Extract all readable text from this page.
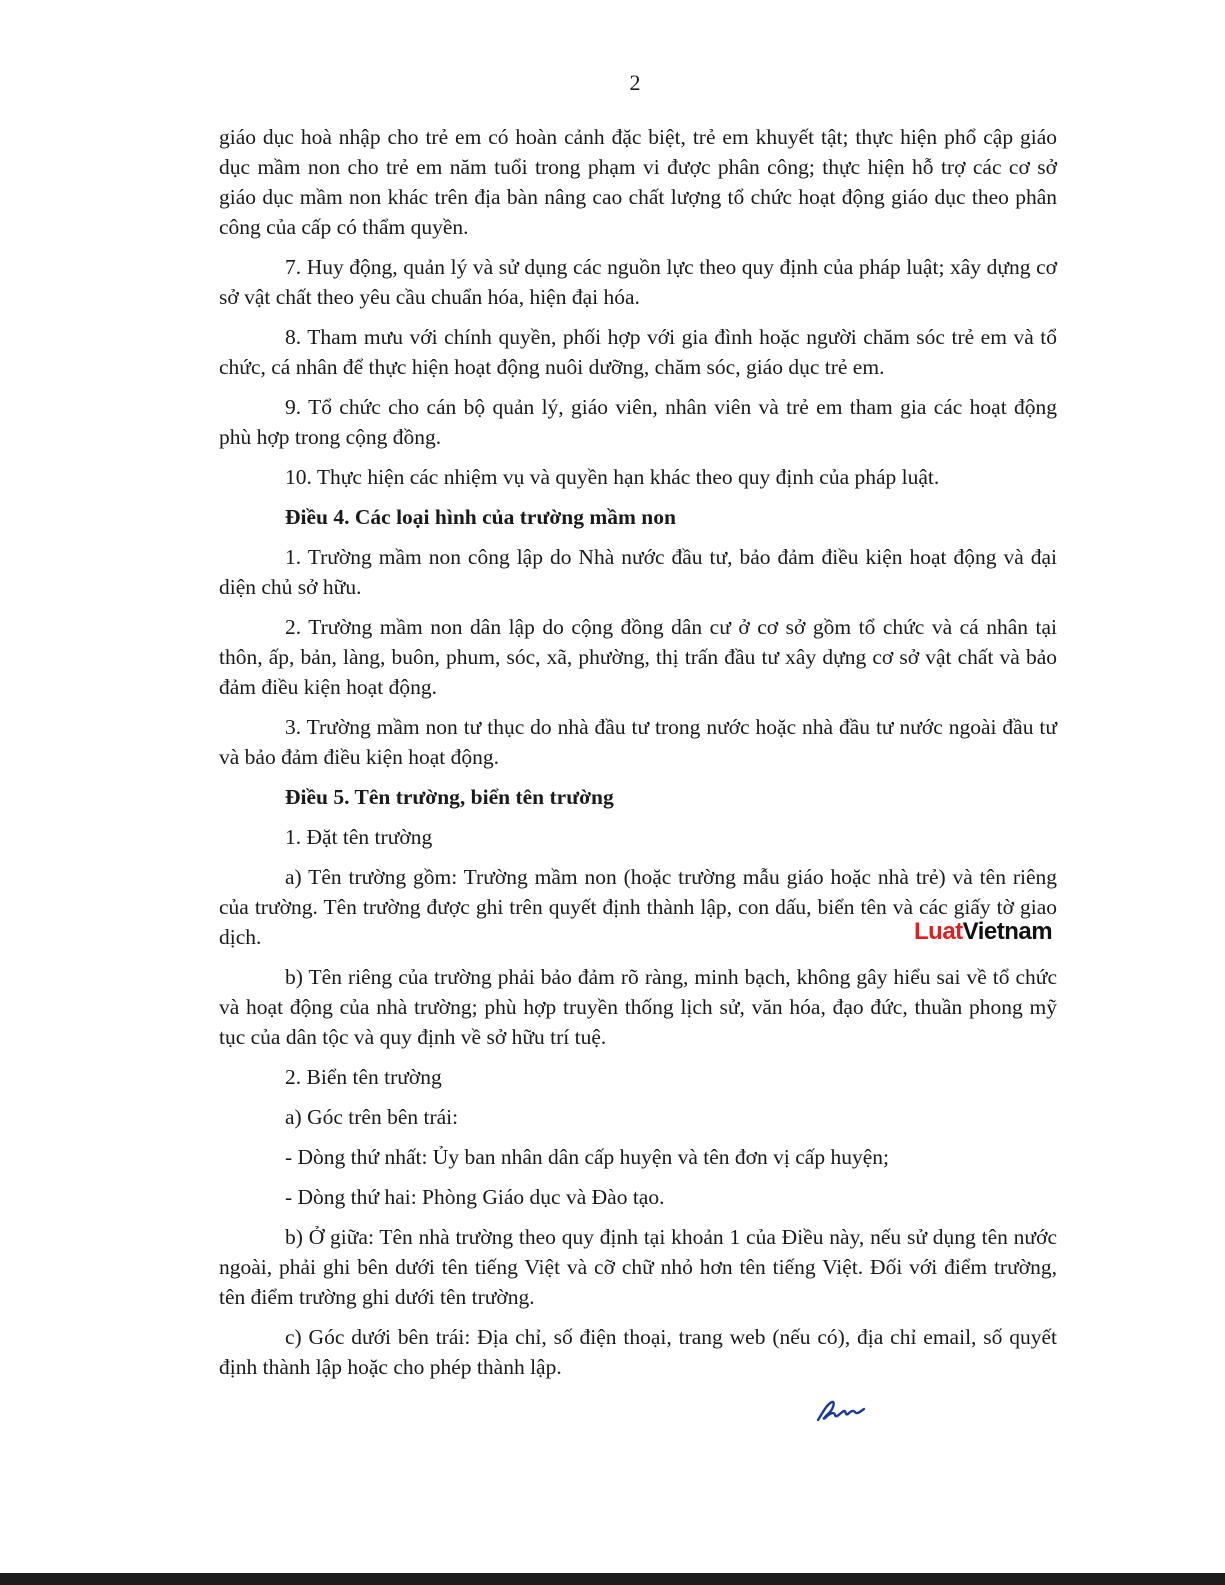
2

giáo dục hoà nhập cho trẻ em có hoàn cảnh đặc biệt, trẻ em khuyết tật; thực hiện phổ cập giáo dục mầm non cho trẻ em năm tuổi trong phạm vi được phân công; thực hiện hỗ trợ các cơ sở giáo dục mầm non khác trên địa bàn nâng cao chất lượng tổ chức hoạt động giáo dục theo phân công của cấp có thẩm quyền.

7. Huy động, quản lý và sử dụng các nguồn lực theo quy định của pháp luật; xây dựng cơ sở vật chất theo yêu cầu chuẩn hóa, hiện đại hóa.

8. Tham mưu với chính quyền, phối hợp với gia đình hoặc người chăm sóc trẻ em và tổ chức, cá nhân để thực hiện hoạt động nuôi dưỡng, chăm sóc, giáo dục trẻ em.

9. Tổ chức cho cán bộ quản lý, giáo viên, nhân viên và trẻ em tham gia các hoạt động phù hợp trong cộng đồng.

10. Thực hiện các nhiệm vụ và quyền hạn khác theo quy định của pháp luật.

Điều 4. Các loại hình của trường mầm non

1. Trường mầm non công lập do Nhà nước đầu tư, bảo đảm điều kiện hoạt động và đại diện chủ sở hữu.

2. Trường mầm non dân lập do cộng đồng dân cư ở cơ sở gồm tổ chức và cá nhân tại thôn, ấp, bản, làng, buôn, phum, sóc, xã, phường, thị trấn đầu tư xây dựng cơ sở vật chất và bảo đảm điều kiện hoạt động.

3. Trường mầm non tư thục do nhà đầu tư trong nước hoặc nhà đầu tư nước ngoài đầu tư và bảo đảm điều kiện hoạt động.

Điều 5. Tên trường, biển tên trường

1. Đặt tên trường

a) Tên trường gồm: Trường mầm non (hoặc trường mẫu giáo hoặc nhà trẻ) và tên riêng của trường. Tên trường được ghi trên quyết định thành lập, con dấu, biển tên và các giấy tờ giao dịch.

b) Tên riêng của trường phải bảo đảm rõ ràng, minh bạch, không gây hiểu sai về tổ chức và hoạt động của nhà trường; phù hợp truyền thống lịch sử, văn hóa, đạo đức, thuần phong mỹ tục của dân tộc và quy định về sở hữu trí tuệ.

2. Biển tên trường

a) Góc trên bên trái:

- Dòng thứ nhất: Ủy ban nhân dân cấp huyện và tên đơn vị cấp huyện;

- Dòng thứ hai: Phòng Giáo dục và Đào tạo.

b) Ở giữa: Tên nhà trường theo quy định tại khoản 1 của Điều này, nếu sử dụng tên nước ngoài, phải ghi bên dưới tên tiếng Việt và cỡ chữ nhỏ hơn tên tiếng Việt. Đối với điểm trường, tên điểm trường ghi dưới tên trường.

c) Góc dưới bên trái: Địa chỉ, số điện thoại, trang web (nếu có), địa chỉ email, số quyết định thành lập hoặc cho phép thành lập.

LuatVietnam
